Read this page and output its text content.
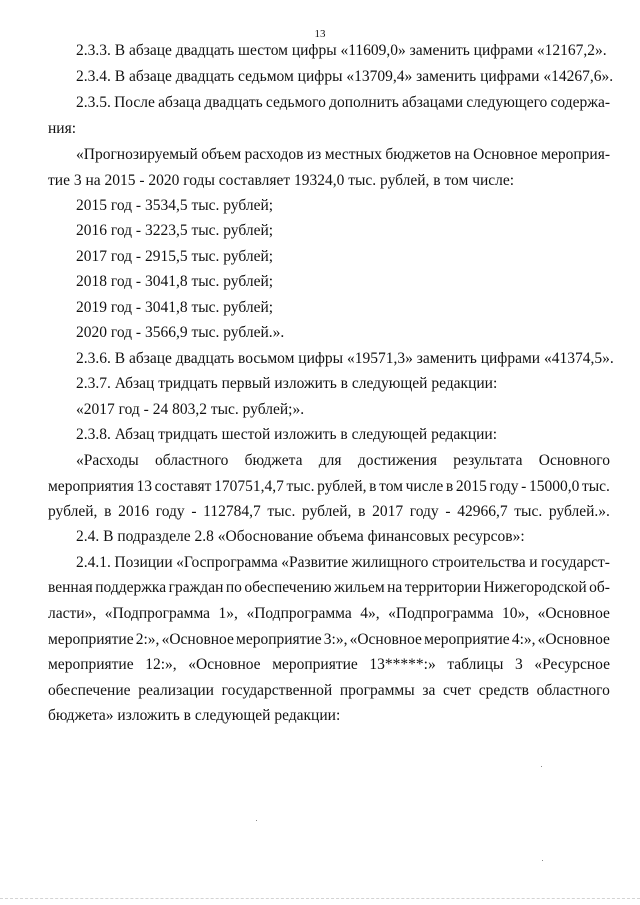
13
2.3.3. В абзаце двадцать шестом цифры «11609,0» заменить цифрами «12167,2».
2.3.4. В абзаце двадцать седьмом цифры «13709,4» заменить цифрами «14267,6».
2.3.5. После абзаца двадцать седьмого дополнить абзацами следующего содержа-
ния:
«Прогнозируемый объем расходов из местных бюджетов на Основное мероприя-
тие 3 на 2015 - 2020 годы составляет 19324,0 тыс. рублей, в том числе:
2015 год - 3534,5 тыс. рублей;
2016 год - 3223,5 тыс. рублей;
2017 год - 2915,5 тыс. рублей;
2018 год - 3041,8 тыс. рублей;
2019 год - 3041,8 тыс. рублей;
2020 год - 3566,9 тыс. рублей.».
2.3.6. В абзаце двадцать восьмом цифры «19571,3» заменить цифрами «41374,5».
2.3.7. Абзац тридцать первый изложить в следующей редакции:
«2017 год - 24 803,2 тыс. рублей;».
2.3.8. Абзац тридцать шестой изложить в следующей редакции:
«Расходы областного бюджета для достижения результата Основного
мероприятия 13 составят 170751,4,7 тыс. рублей, в том числе в 2015 году - 15000,0 тыс.
рублей, в 2016 году - 112784,7 тыс. рублей, в 2017 году - 42966,7 тыс. рублей.».
2.4. В подразделе 2.8 «Обоснование объема финансовых ресурсов»:
2.4.1. Позиции «Госпрограмма «Развитие жилищного строительства и государст-
венная поддержка граждан по обеспечению жильем на территории Нижегородской об-
ласти», «Подпрограмма 1», «Подпрограмма 4», «Подпрограмма 10», «Основное
мероприятие 2:», «Основное мероприятие 3:», «Основное мероприятие 4:», «Основное
мероприятие 12:», «Основное мероприятие 13*****:» таблицы 3 «Ресурсное
обеспечение реализации государственной программы за счет средств областного
бюджета» изложить в следующей редакции:
